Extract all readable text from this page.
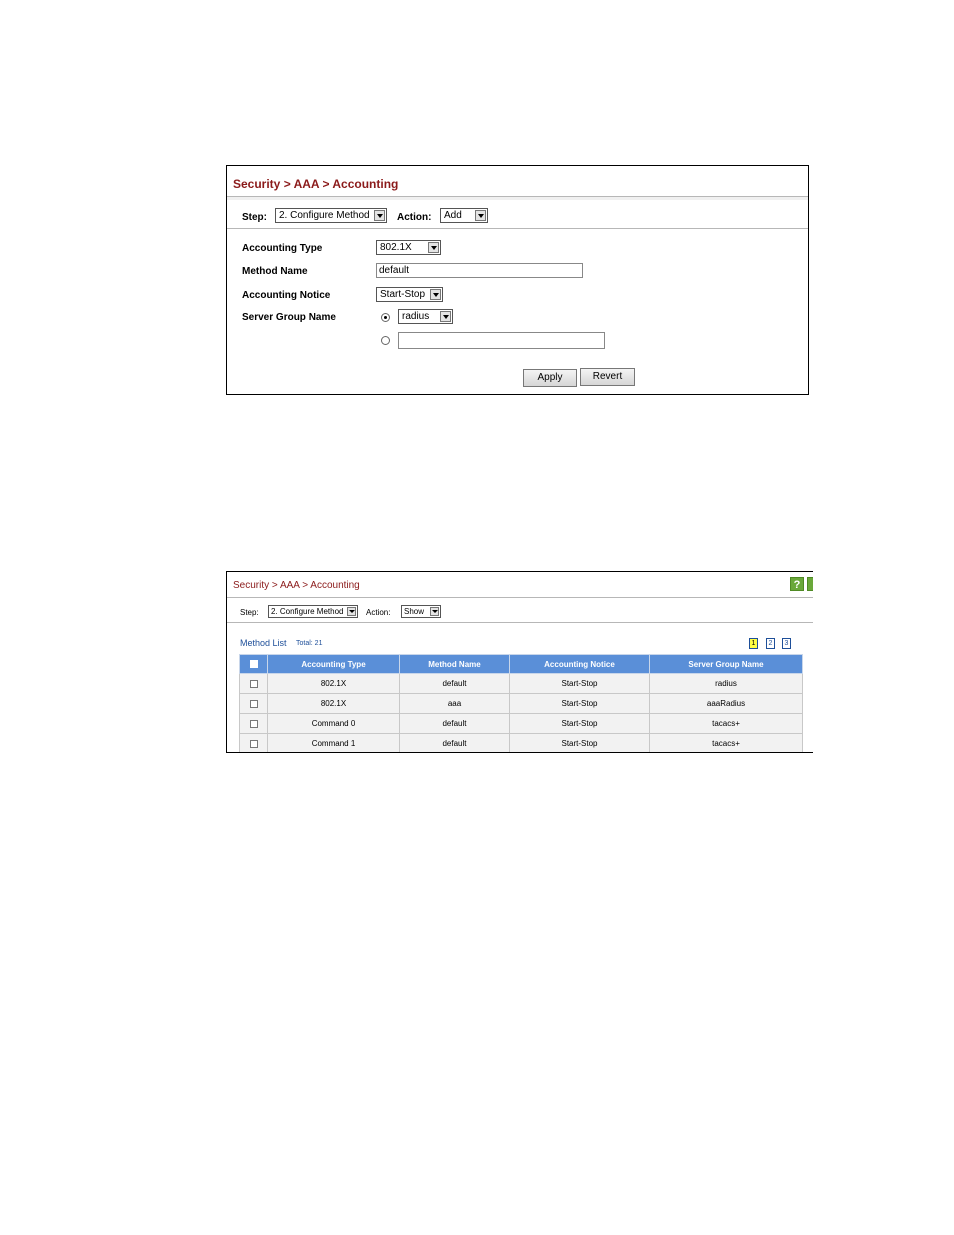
Security > AAA > Accounting
Step:	2. Configure Method	Action:	Add
Accounting Type	802.1X
Method Name	default
Accounting Notice	Start-Stop
Server Group Name	radius
Apply	Revert
Security > AAA > Accounting	?
Step:	2. Configure Method	Action:	Show
Method List Total: 21	1	2	3
	Accounting Type	Method Name	Accounting Notice	Server Group Name
	802.1X	default	Start-Stop	radius
	802.1X	aaa	Start-Stop	aaaRadius
	Command 0	default	Start-Stop	tacacs+
	Command 1	default	Start-Stop	tacacs+
